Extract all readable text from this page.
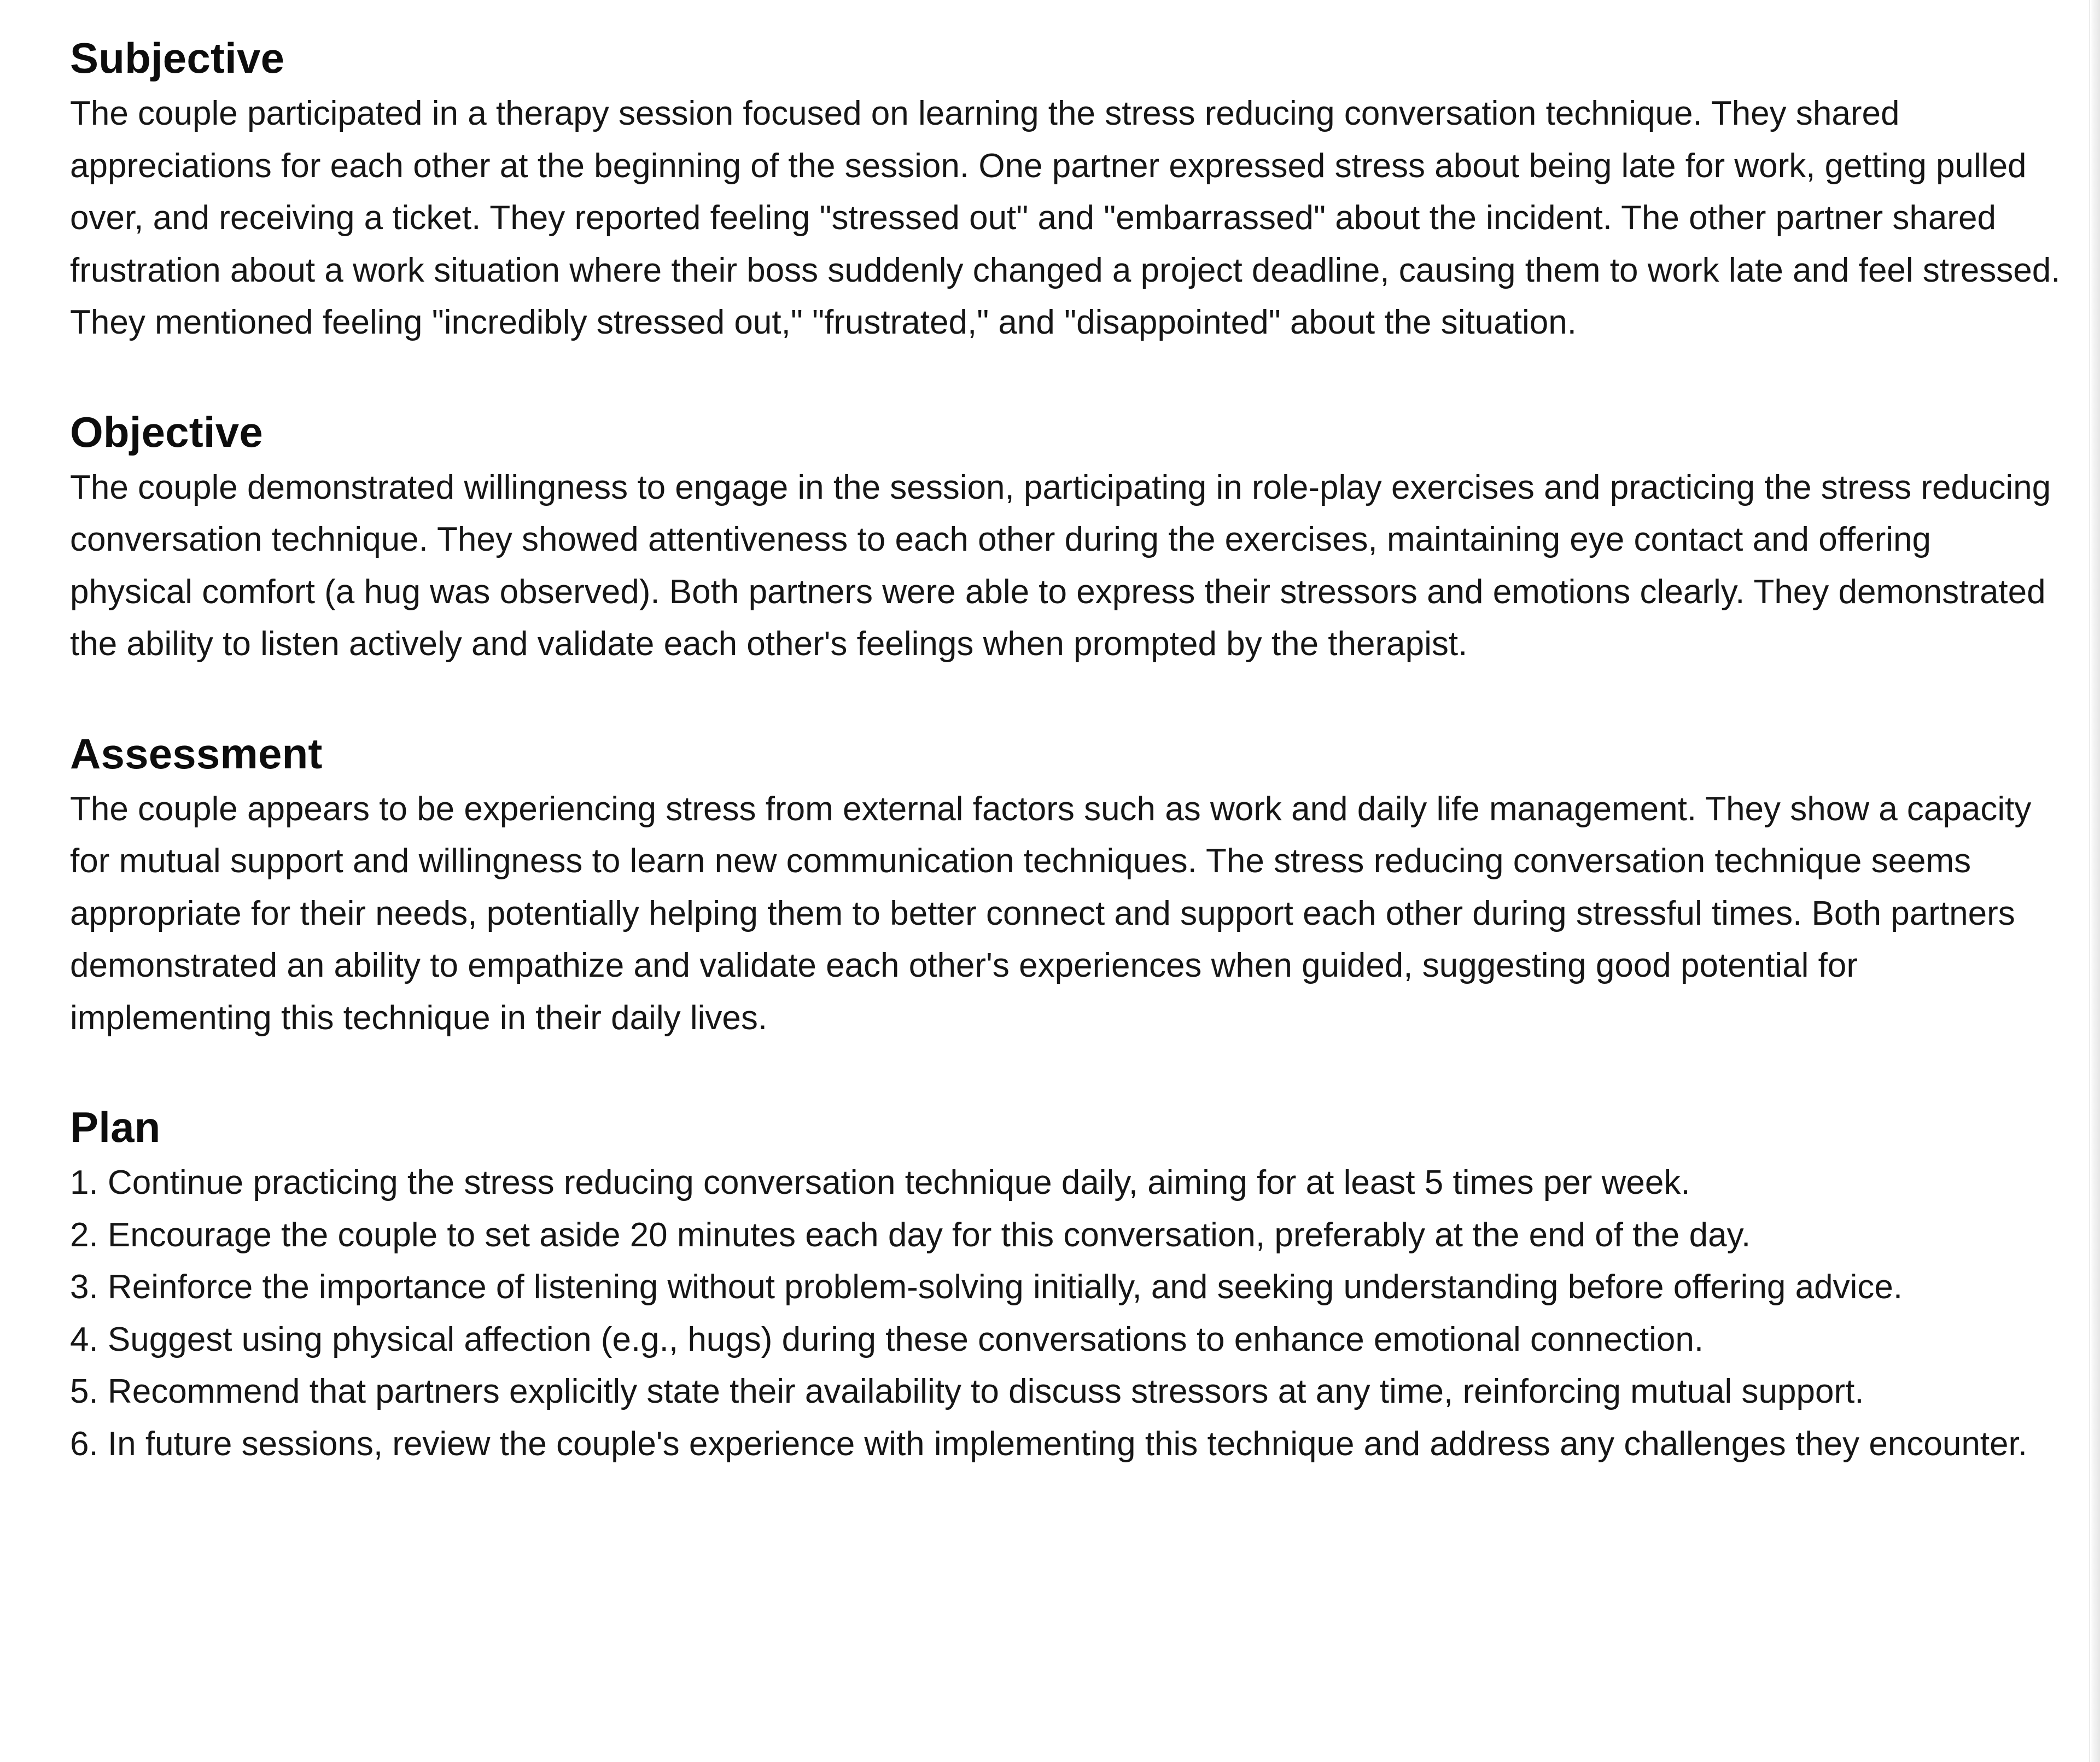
Subjective

The couple participated in a therapy session focused on learning the stress reducing conversation technique. They shared appreciations for each other at the beginning of the session. One partner expressed stress about being late for work, getting pulled over, and receiving a ticket. They reported feeling "stressed out" and "embarrassed" about the incident. The other partner shared frustration about a work situation where their boss suddenly changed a project deadline, causing them to work late and feel stressed. They mentioned feeling "incredibly stressed out," "frustrated," and "disappointed" about the situation.

Objective

The couple demonstrated willingness to engage in the session, participating in role-play exercises and practicing the stress reducing conversation technique. They showed attentiveness to each other during the exercises, maintaining eye contact and offering physical comfort (a hug was observed). Both partners were able to express their stressors and emotions clearly. They demonstrated the ability to listen actively and validate each other's feelings when prompted by the therapist.

Assessment

The couple appears to be experiencing stress from external factors such as work and daily life management. They show a capacity for mutual support and willingness to learn new communication techniques. The stress reducing conversation technique seems appropriate for their needs, potentially helping them to better connect and support each other during stressful times. Both partners demonstrated an ability to empathize and validate each other's experiences when guided, suggesting good potential for implementing this technique in their daily lives.

Plan
1. Continue practicing the stress reducing conversation technique daily, aiming for at least 5 times per week.
2. Encourage the couple to set aside 20 minutes each day for this conversation, preferably at the end of the day.
3. Reinforce the importance of listening without problem-solving initially, and seeking understanding before offering advice.
4. Suggest using physical affection (e.g., hugs) during these conversations to enhance emotional connection.
5. Recommend that partners explicitly state their availability to discuss stressors at any time, reinforcing mutual support.
6. In future sessions, review the couple's experience with implementing this technique and address any challenges they encounter.
